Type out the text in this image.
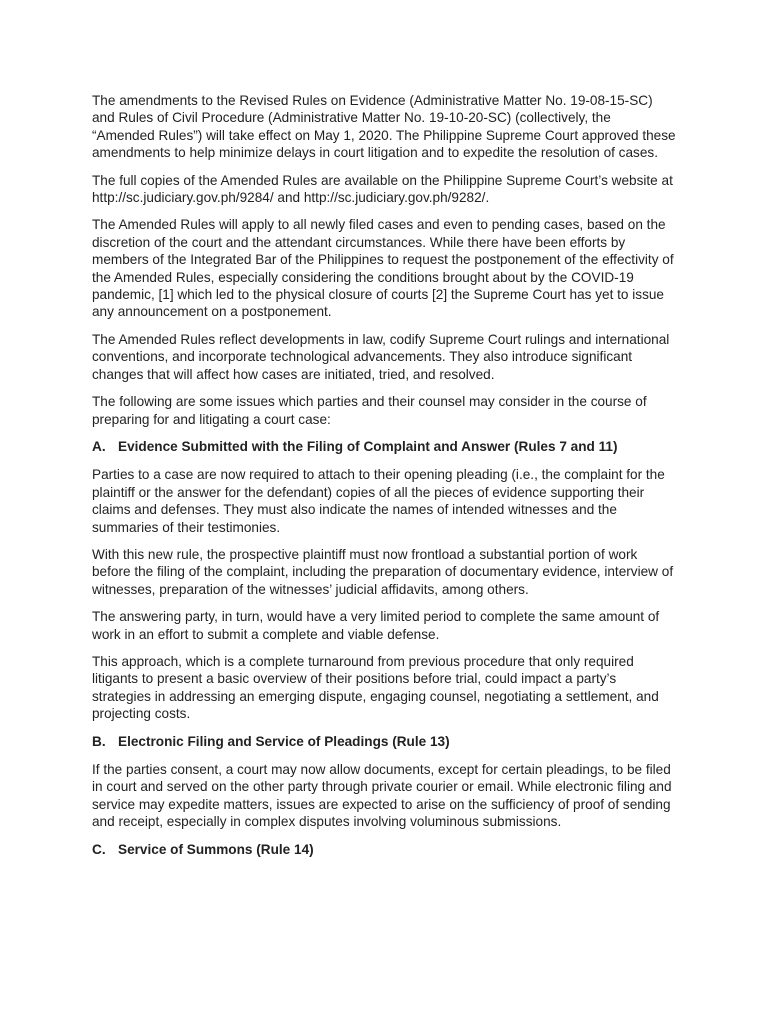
The amendments to the Revised Rules on Evidence (Administrative Matter No. 19-08-15-SC) and Rules of Civil Procedure (Administrative Matter No. 19-10-20-SC) (collectively, the “Amended Rules”) will take effect on May 1, 2020. The Philippine Supreme Court approved these amendments to help minimize delays in court litigation and to expedite the resolution of cases.

The full copies of the Amended Rules are available on the Philippine Supreme Court’s website at http://sc.judiciary.gov.ph/9284/ and http://sc.judiciary.gov.ph/9282/.

The Amended Rules will apply to all newly filed cases and even to pending cases, based on the discretion of the court and the attendant circumstances. While there have been efforts by members of the Integrated Bar of the Philippines to request the postponement of the effectivity of the Amended Rules, especially considering the conditions brought about by the COVID-19 pandemic, [1] which led to the physical closure of courts [2] the Supreme Court has yet to issue any announcement on a postponement.

The Amended Rules reflect developments in law, codify Supreme Court rulings and international conventions, and incorporate technological advancements. They also introduce significant changes that will affect how cases are initiated, tried, and resolved.

The following are some issues which parties and their counsel may consider in the course of preparing for and litigating a court case:

A. Evidence Submitted with the Filing of Complaint and Answer (Rules 7 and 11)

Parties to a case are now required to attach to their opening pleading (i.e., the complaint for the plaintiff or the answer for the defendant) copies of all the pieces of evidence supporting their claims and defenses. They must also indicate the names of intended witnesses and the summaries of their testimonies.

With this new rule, the prospective plaintiff must now frontload a substantial portion of work before the filing of the complaint, including the preparation of documentary evidence, interview of witnesses, preparation of the witnesses’ judicial affidavits, among others.

The answering party, in turn, would have a very limited period to complete the same amount of work in an effort to submit a complete and viable defense.

This approach, which is a complete turnaround from previous procedure that only required litigants to present a basic overview of their positions before trial, could impact a party’s strategies in addressing an emerging dispute, engaging counsel, negotiating a settlement, and projecting costs.

B. Electronic Filing and Service of Pleadings (Rule 13)

If the parties consent, a court may now allow documents, except for certain pleadings, to be filed in court and served on the other party through private courier or email. While electronic filing and service may expedite matters, issues are expected to arise on the sufficiency of proof of sending and receipt, especially in complex disputes involving voluminous submissions.

C. Service of Summons (Rule 14)
